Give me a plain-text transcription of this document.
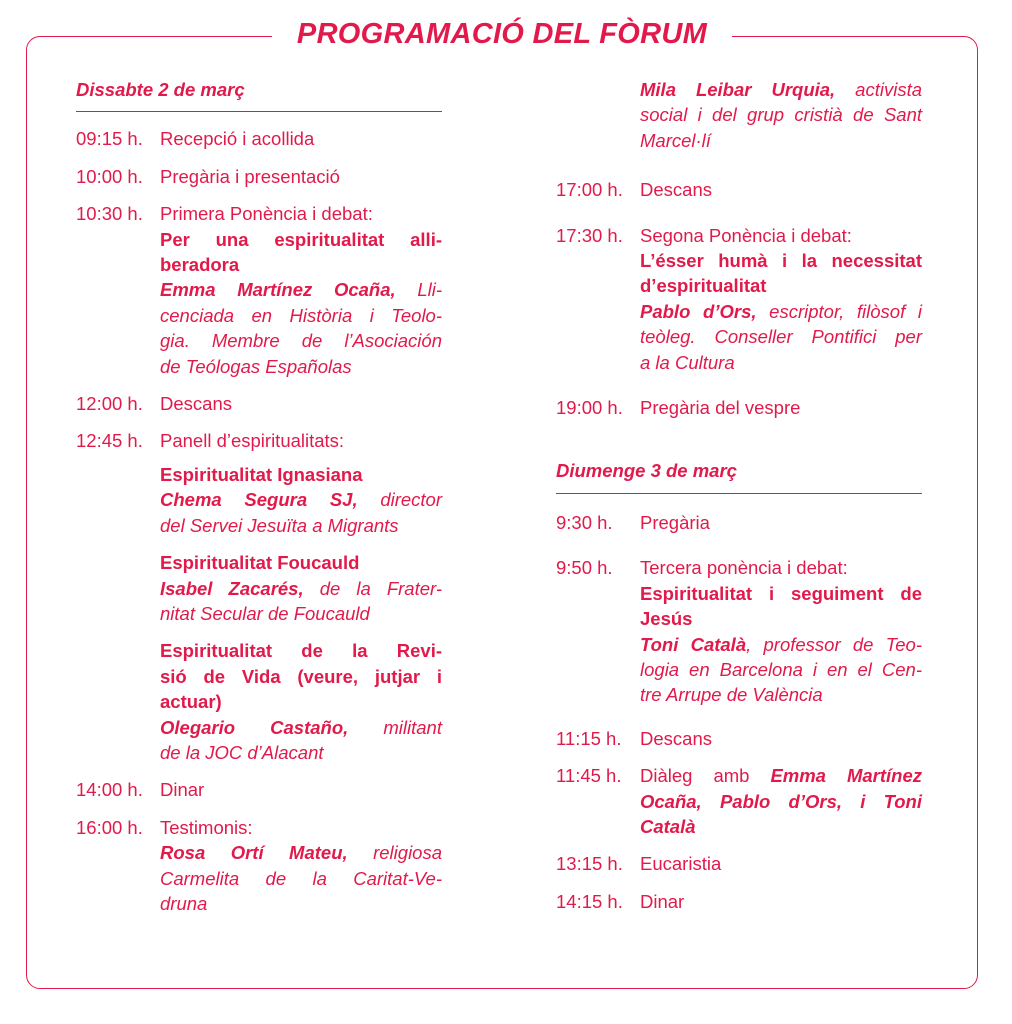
PROGRAMACIÓ DEL FÒRUM
Dissabte 2 de març
09:15 h. Recepció i acollida
10:00 h. Pregària i presentació
10:30 h. Primera Ponència i debat:
Per una espiritualitat alli-
beradora
Emma Martínez Ocaña, Lli-
cenciada en Història i Teolo-
gia. Membre de l’Asociación
de Teólogas Españolas
12:00 h. Descans
12:45 h. Panell d’espiritualitats:
Espiritualitat Ignasiana
Chema Segura SJ, director
del Servei Jesuïta a Migrants
Espiritualitat Foucauld
Isabel Zacarés, de la Frater-
nitat Secular de Foucauld
Espiritualitat de la Revi-
sió de Vida (veure, jutjar i
actuar)
Olegario Castaño, militant
de la JOC d’Alacant
14:00 h. Dinar
16:00 h. Testimonis:
Rosa Ortí Mateu, religiosa
Carmelita de la Caritat-Ve-
druna
Mila Leibar Urquia, activista
social i del grup cristià de Sant
Marcel·lí
17:00 h. Descans
17:30 h. Segona Ponència i debat:
L’ésser humà i la necessitat
d’espiritualitat
Pablo d’Ors, escriptor, filòsof i
teòleg. Conseller Pontifici per
a la Cultura
19:00 h. Pregària del vespre
Diumenge 3 de març
9:30 h.	Pregària
9:50 h.	Tercera ponència i debat:
Espiritualitat i seguiment de
Jesús
Toni Català, professor de Teo-
logia en Barcelona i en el Cen-
tre Arrupe de València
11:15 h.	Descans
11:45 h.	Diàleg amb Emma Martínez
Ocaña, Pablo d’Ors, i Toni
Català
13:15 h. Eucaristia
14:15 h. Dinar
